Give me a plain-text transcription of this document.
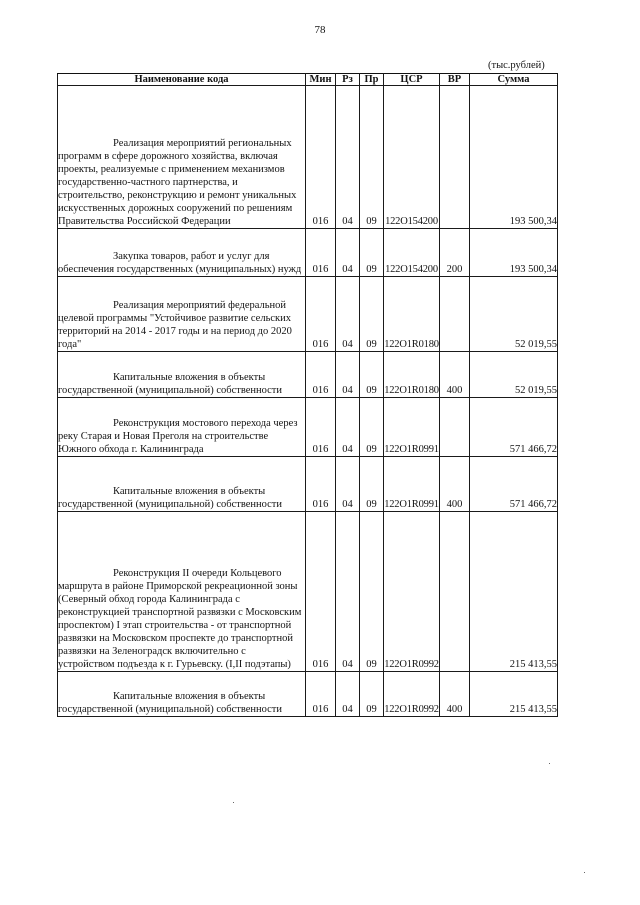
78
(тыс.рублей)
Наименование кода	Мин	Рз	Пр	ЦСР	ВР	Сумма
Реализация мероприятий региональных программ в сфере дорожного хозяйства, включая проекты, реализуемые с применением механизмов государственно-частного партнерства, и строительство, реконструкцию и ремонт уникальных искусственных дорожных сооружений по решениям Правительства Российской Федерации	016	04	09	122O154200		193 500,34
Закупка товаров, работ и услуг для обеспечения государственных (муниципальных) нужд	016	04	09	122O154200	200	193 500,34
Реализация мероприятий федеральной целевой программы "Устойчивое развитие сельских территорий на 2014 - 2017 годы и на период до 2020 года"	016	04	09	122O1R0180		52 019,55
Капитальные вложения в объекты государственной (муниципальной) собственности	016	04	09	122O1R0180	400	52 019,55
Реконструкция мостового перехода через реку Старая и Новая Преголя на строительстве Южного обхода г. Калининграда	016	04	09	122O1R0991		571 466,72
Капитальные вложения в объекты государственной (муниципальной) собственности	016	04	09	122O1R0991	400	571 466,72
Реконструкция II очереди Кольцевого маршрута в районе Приморской рекреационной зоны (Северный обход города Калининграда с реконструкцией транспортной развязки с Московским проспектом) I этап строительства - от транспортной развязки на Московском проспекте до транспортной развязки на Зеленоградск включительно с устройством подъезда к г. Гурьевску. (I,II подэтапы)	016	04	09	122O1R0992		215 413,55
Капитальные вложения в объекты государственной (муниципальной) собственности	016	04	09	122O1R0992	400	215 413,55
